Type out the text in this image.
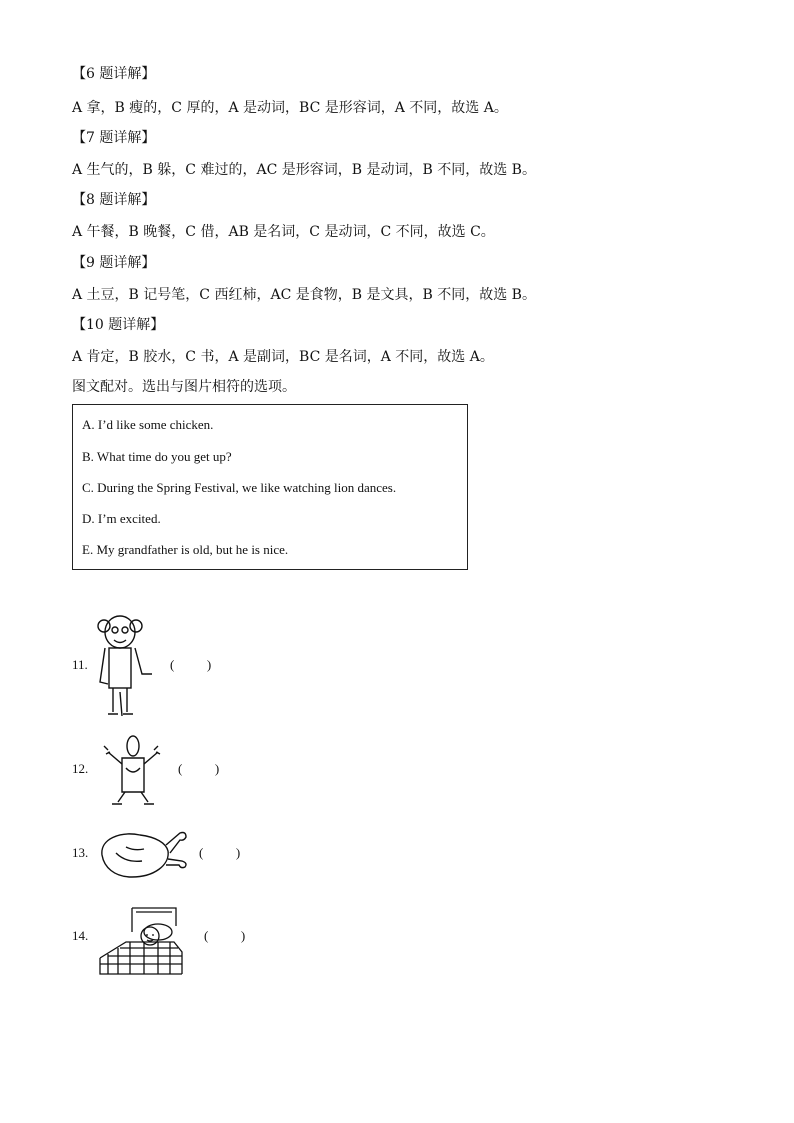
【6 题详解】
A 拿，B 瘦的，C 厚的，A 是动词，BC 是形容词，A 不同，故选 A。
【7 题详解】
A 生气的，B 躲，C 难过的，AC 是形容词，B 是动词，B 不同，故选 B。
【8 题详解】
A 午餐，B 晚餐，C 借，AB 是名词，C 是动词，C 不同，故选 C。
【9 题详解】
A 土豆，B 记号笔，C 西红柿，AC 是食物，B 是文具，B 不同，故选 B。
【10 题详解】
A 肯定，B 胶水，C 书，A 是副词，BC 是名词，A 不同，故选 A。
图文配对。选出与图片相符的选项。
A. I’d like some chicken.
B. What time do you get up?
C. During the Spring Festival, we like watching lion dances.
D. I’m excited.
E. My grandfather is old, but he is nice.
11.	(          )
12.	(          )
13.	(          )
14.	(          )
